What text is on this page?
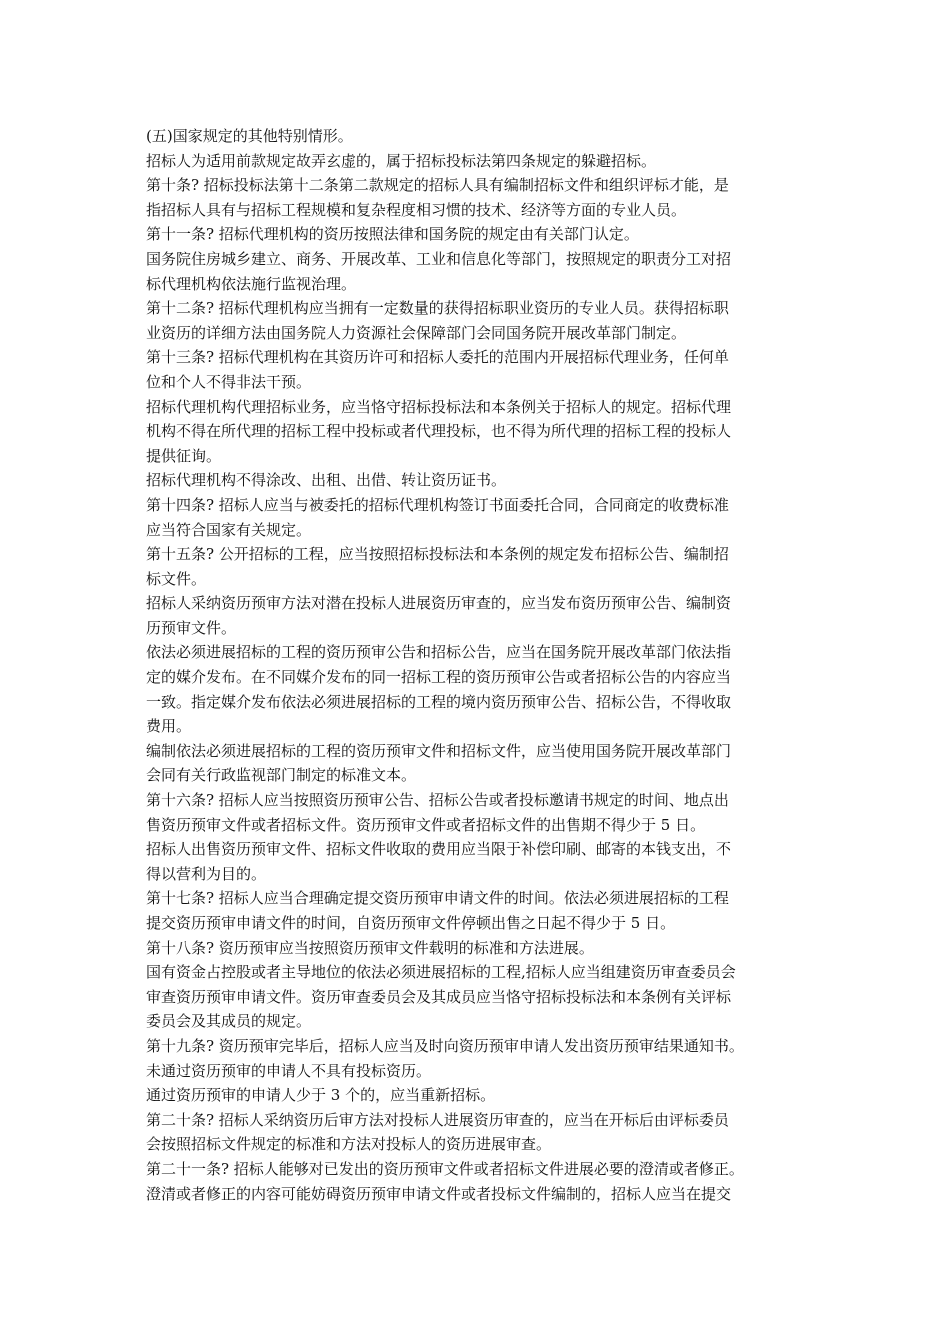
(五)国家规定的其他特别情形。

招标人为适用前款规定故弄玄虚的，属于招标投标法第四条规定的躲避招标。

第十条? 招标投标法第十二条第二款规定的招标人具有编制招标文件和组织评标才能，是

指招标人具有与招标工程规模和复杂程度相习惯的技术、经济等方面的专业人员。

第十一条? 招标代理机构的资历按照法律和国务院的规定由有关部门认定。

国务院住房城乡建立、商务、开展改革、工业和信息化等部门，按照规定的职责分工对招

标代理机构依法施行监视治理。

第十二条? 招标代理机构应当拥有一定数量的获得招标职业资历的专业人员。获得招标职

业资历的详细方法由国务院人力资源社会保障部门会同国务院开展改革部门制定。

第十三条? 招标代理机构在其资历许可和招标人委托的范围内开展招标代理业务，任何单

位和个人不得非法干预。

招标代理机构代理招标业务，应当恪守招标投标法和本条例关于招标人的规定。招标代理

机构不得在所代理的招标工程中投标或者代理投标，也不得为所代理的招标工程的投标人

提供征询。

招标代理机构不得涂改、出租、出借、转让资历证书。

第十四条? 招标人应当与被委托的招标代理机构签订书面委托合同，合同商定的收费标准

应当符合国家有关规定。

第十五条? 公开招标的工程，应当按照招标投标法和本条例的规定发布招标公告、编制招

标文件。

招标人采纳资历预审方法对潜在投标人进展资历审查的，应当发布资历预审公告、编制资

历预审文件。

依法必须进展招标的工程的资历预审公告和招标公告，应当在国务院开展改革部门依法指

定的媒介发布。在不同媒介发布的同一招标工程的资历预审公告或者招标公告的内容应当

一致。指定媒介发布依法必须进展招标的工程的境内资历预审公告、招标公告，不得收取

费用。

编制依法必须进展招标的工程的资历预审文件和招标文件，应当使用国务院开展改革部门

会同有关行政监视部门制定的标准文本。

第十六条? 招标人应当按照资历预审公告、招标公告或者投标邀请书规定的时间、地点出

售资历预审文件或者招标文件。资历预审文件或者招标文件的出售期不得少于 5 日。

招标人出售资历预审文件、招标文件收取的费用应当限于补偿印刷、邮寄的本钱支出，不

得以营利为目的。

第十七条? 招标人应当合理确定提交资历预审申请文件的时间。依法必须进展招标的工程

提交资历预审申请文件的时间，自资历预审文件停顿出售之日起不得少于 5 日。

第十八条? 资历预审应当按照资历预审文件载明的标准和方法进展。

国有资金占控股或者主导地位的依法必须进展招标的工程,招标人应当组建资历审查委员会

审查资历预审申请文件。资历审查委员会及其成员应当恪守招标投标法和本条例有关评标

委员会及其成员的规定。

第十九条? 资历预审完毕后，招标人应当及时向资历预审申请人发出资历预审结果通知书。

未通过资历预审的申请人不具有投标资历。

通过资历预审的申请人少于 3 个的，应当重新招标。

第二十条? 招标人采纳资历后审方法对投标人进展资历审查的，应当在开标后由评标委员

会按照招标文件规定的标准和方法对投标人的资历进展审查。

第二十一条? 招标人能够对已发出的资历预审文件或者招标文件进展必要的澄清或者修正。

澄清或者修正的内容可能妨碍资历预审申请文件或者投标文件编制的，招标人应当在提交
